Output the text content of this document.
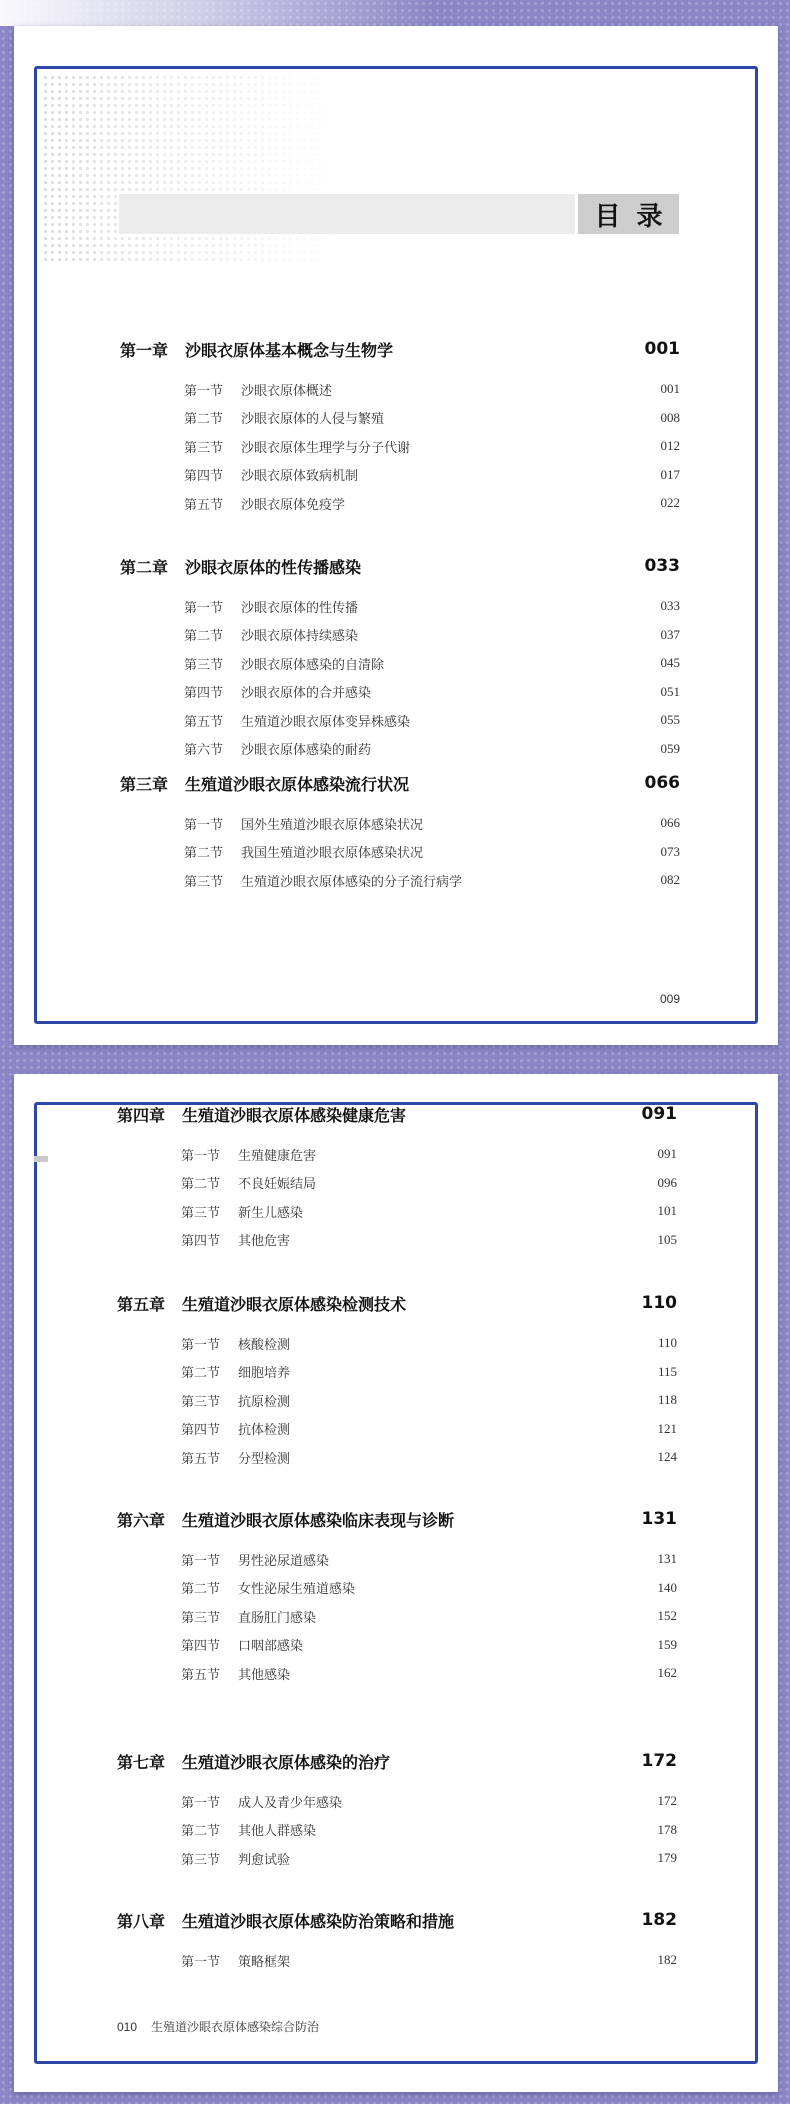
目录
第一章	沙眼衣原体基本概念与生物学	001
第一节	沙眼衣原体概述	001
第二节	沙眼衣原体的人侵与繁殖	008
第三节	沙眼衣原体生理学与分子代谢	012
第四节	沙眼衣原体致病机制	017
第五节	沙眼衣原体免疫学	022
第二章	沙眼衣原体的性传播感染	033
第一节	沙眼衣原体的性传播	033
第二节	沙眼衣原体持续感染	037
第三节	沙眼衣原体感染的自清除	045
第四节	沙眼衣原体的合并感染	051
第五节	生殖道沙眼衣原体变异株感染	055
第六节	沙眼衣原体感染的耐药	059
第三章	生殖道沙眼衣原体感染流行状况	066
第一节	国外生殖道沙眼衣原体感染状况	066
第二节	我国生殖道沙眼衣原体感染状况	073
第三节	生殖道沙眼衣原体感染的分子流行病学	082
009
第四章	生殖道沙眼衣原体感染健康危害	091
第一节	生殖健康危害	091
第二节	不良妊娠结局	096
第三节	新生儿感染	101
第四节	其他危害	105
第五章	生殖道沙眼衣原体感染检测技术	110
第一节	核酸检测	110
第二节	细胞培养	115
第三节	抗原检测	118
第四节	抗体检测	121
第五节	分型检测	124
第六章	生殖道沙眼衣原体感染临床表现与诊断	131
第一节	男性泌尿道感染	131
第二节	女性泌尿生殖道感染	140
第三节	直肠肛门感染	152
第四节	口咽部感染	159
第五节	其他感染	162
第七章	生殖道沙眼衣原体感染的治疗	172
第一节	成人及青少年感染	172
第二节	其他人群感染	178
第三节	判愈试验	179
第八章	生殖道沙眼衣原体感染防治策略和措施	182
第一节	策略框架	182
010 生殖道沙眼衣原体感染综合防治
